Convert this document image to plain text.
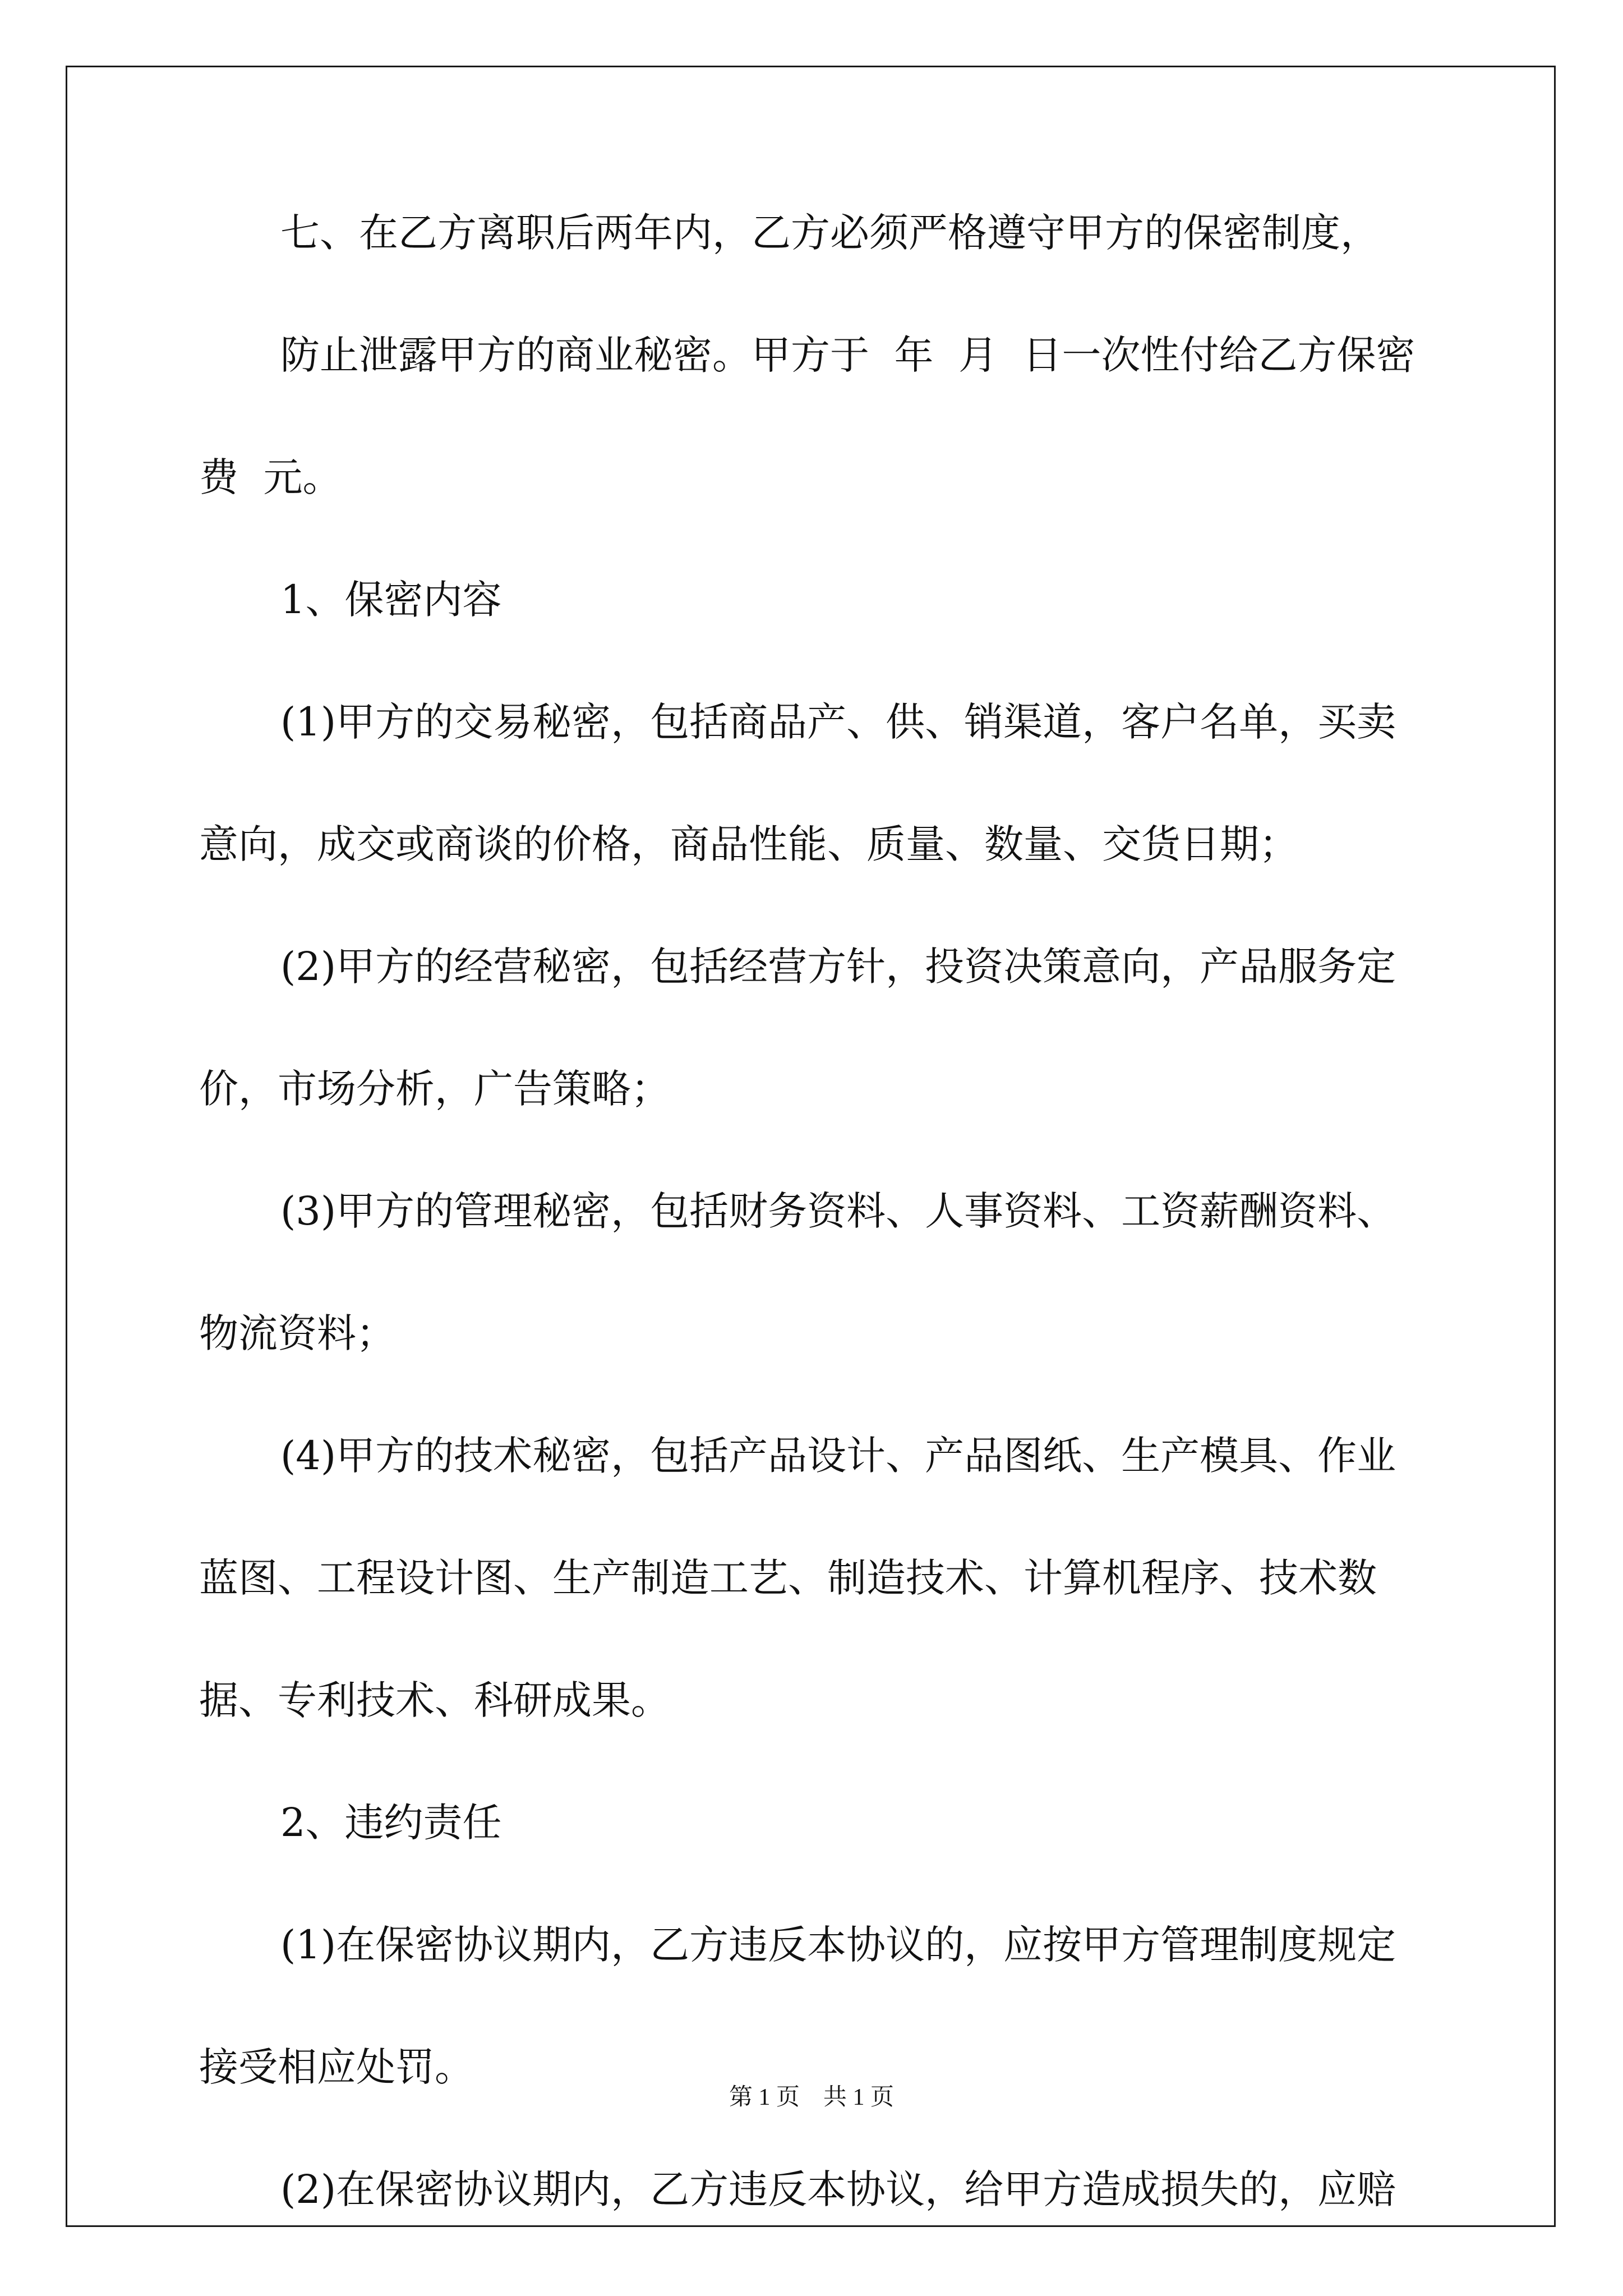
七、在乙方离职后两年内，乙方必须严格遵守甲方的保密制度，
防止泄露甲方的商业秘密。甲方于  年  月  日一次性付给乙方保密
费  元。
1、保密内容
(1)甲方的交易秘密，包括商品产、供、销渠道，客户名单，买卖
意向，成交或商谈的价格，商品性能、质量、数量、交货日期；
(2)甲方的经营秘密，包括经营方针，投资决策意向，产品服务定
价，市场分析，广告策略；
(3)甲方的管理秘密，包括财务资料、人事资料、工资薪酬资料、
物流资料；
(4)甲方的技术秘密，包括产品设计、产品图纸、生产模具、作业
蓝图、工程设计图、生产制造工艺、制造技术、计算机程序、技术数
据、专利技术、科研成果。
2、违约责任
(1)在保密协议期内，乙方违反本协议的，应按甲方管理制度规定
接受相应处罚。
(2)在保密协议期内，乙方违反本协议，给甲方造成损失的，应赔
第 1 页    共 1 页
